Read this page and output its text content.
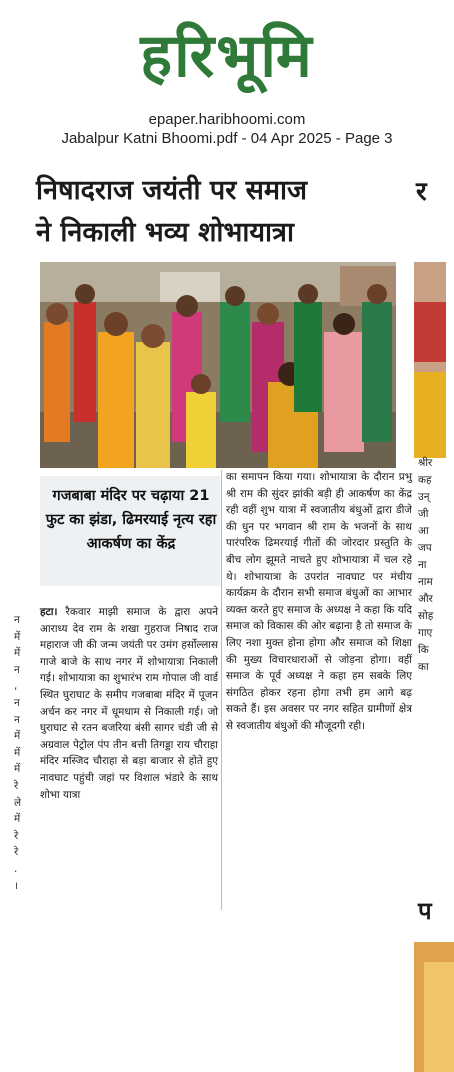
हरिभूमि
epaper.haribhoomi.com
Jabalpur Katni Bhoomi.pdf - 04 Apr 2025 - Page 3
निषादराज जयंती पर समाज
ने निकाली भव्य शोभायात्रा
गजबाबा मंदिर पर चढ़ाया 21 फुट का झंडा, ढिमरयाई नृत्य रहा आकर्षण का केंद्र
हटा। रैकवार माझी समाज के द्वारा अपने आराध्य देव राम के शखा गुहराज निषाद राज महाराज जी की जन्म जयंती पर उमंग हर्सोल्लास गाजे बाजे के साथ नगर में शोभायात्रा निकाली गई। शोभायात्रा का शुभारंभ राम गोपाल जी वार्ड स्थित घुराघाट के समीप गजबाबा मंदिर में पूजन अर्चन कर नगर में धूमधाम से निकाली गई। जो घुराघाट से रतन बजरिया बंसी सागर चंडी जी से अग्रवाल पेट्रोल पंप तीन बत्ती तिगड्डा राय चौराहा मंदिर मस्जिद चौराहा से बड़ा बाजार से होते हुए नावघाट पहुंची जहां पर विशाल भंडारे के साथ शोभा यात्रा
का समापन किया गया। शोभायात्रा के दौरान प्रभु श्री राम की सुंदर झांकी बड़ी ही आकर्षण का केंद्र रही वहीं शुभ यात्रा में स्वजातीय बंधुओं द्वारा डीजे की धुन पर भगवान श्री राम के भजनों के साथ पारंपरिक ढिमरयाई गीतों की जोरदार प्रस्तुति के बीच लोग झूमते नाचते हुए शोभायात्रा में चल रहे थे। शोभायात्रा के उपरांत नावघाट पर मंचीय कार्यक्रम के दौरान सभी समाज बंधुओं का आभार व्यक्त करते हुए समाज के अध्यक्ष ने कहा कि यदि समाज को विकास की ओर बढ़ाना है तो समाज के लिए नशा मुक्त होना होगा और समाज को शिक्षा की मुख्य विचारधाराओं से जोड़ना होगा। वहीं समाज के पूर्व अध्यक्ष ने कहा हम सबके लिए संगठित होकर रहना होगा तभी हम आगे बढ़ सकते हैं। इस अवसर पर नगर सहित ग्रामीणों क्षेत्र से स्वजातीय बंधुओं की मौजूदगी रही।
न
में
में
न
,
न
न
में
में
में
रे
ले
में
रे
रे
.
।
र
श्रीर
कह
उन्
जी
आ
जप
ना
नाम
और
सोह
गाए
कि
का
प
